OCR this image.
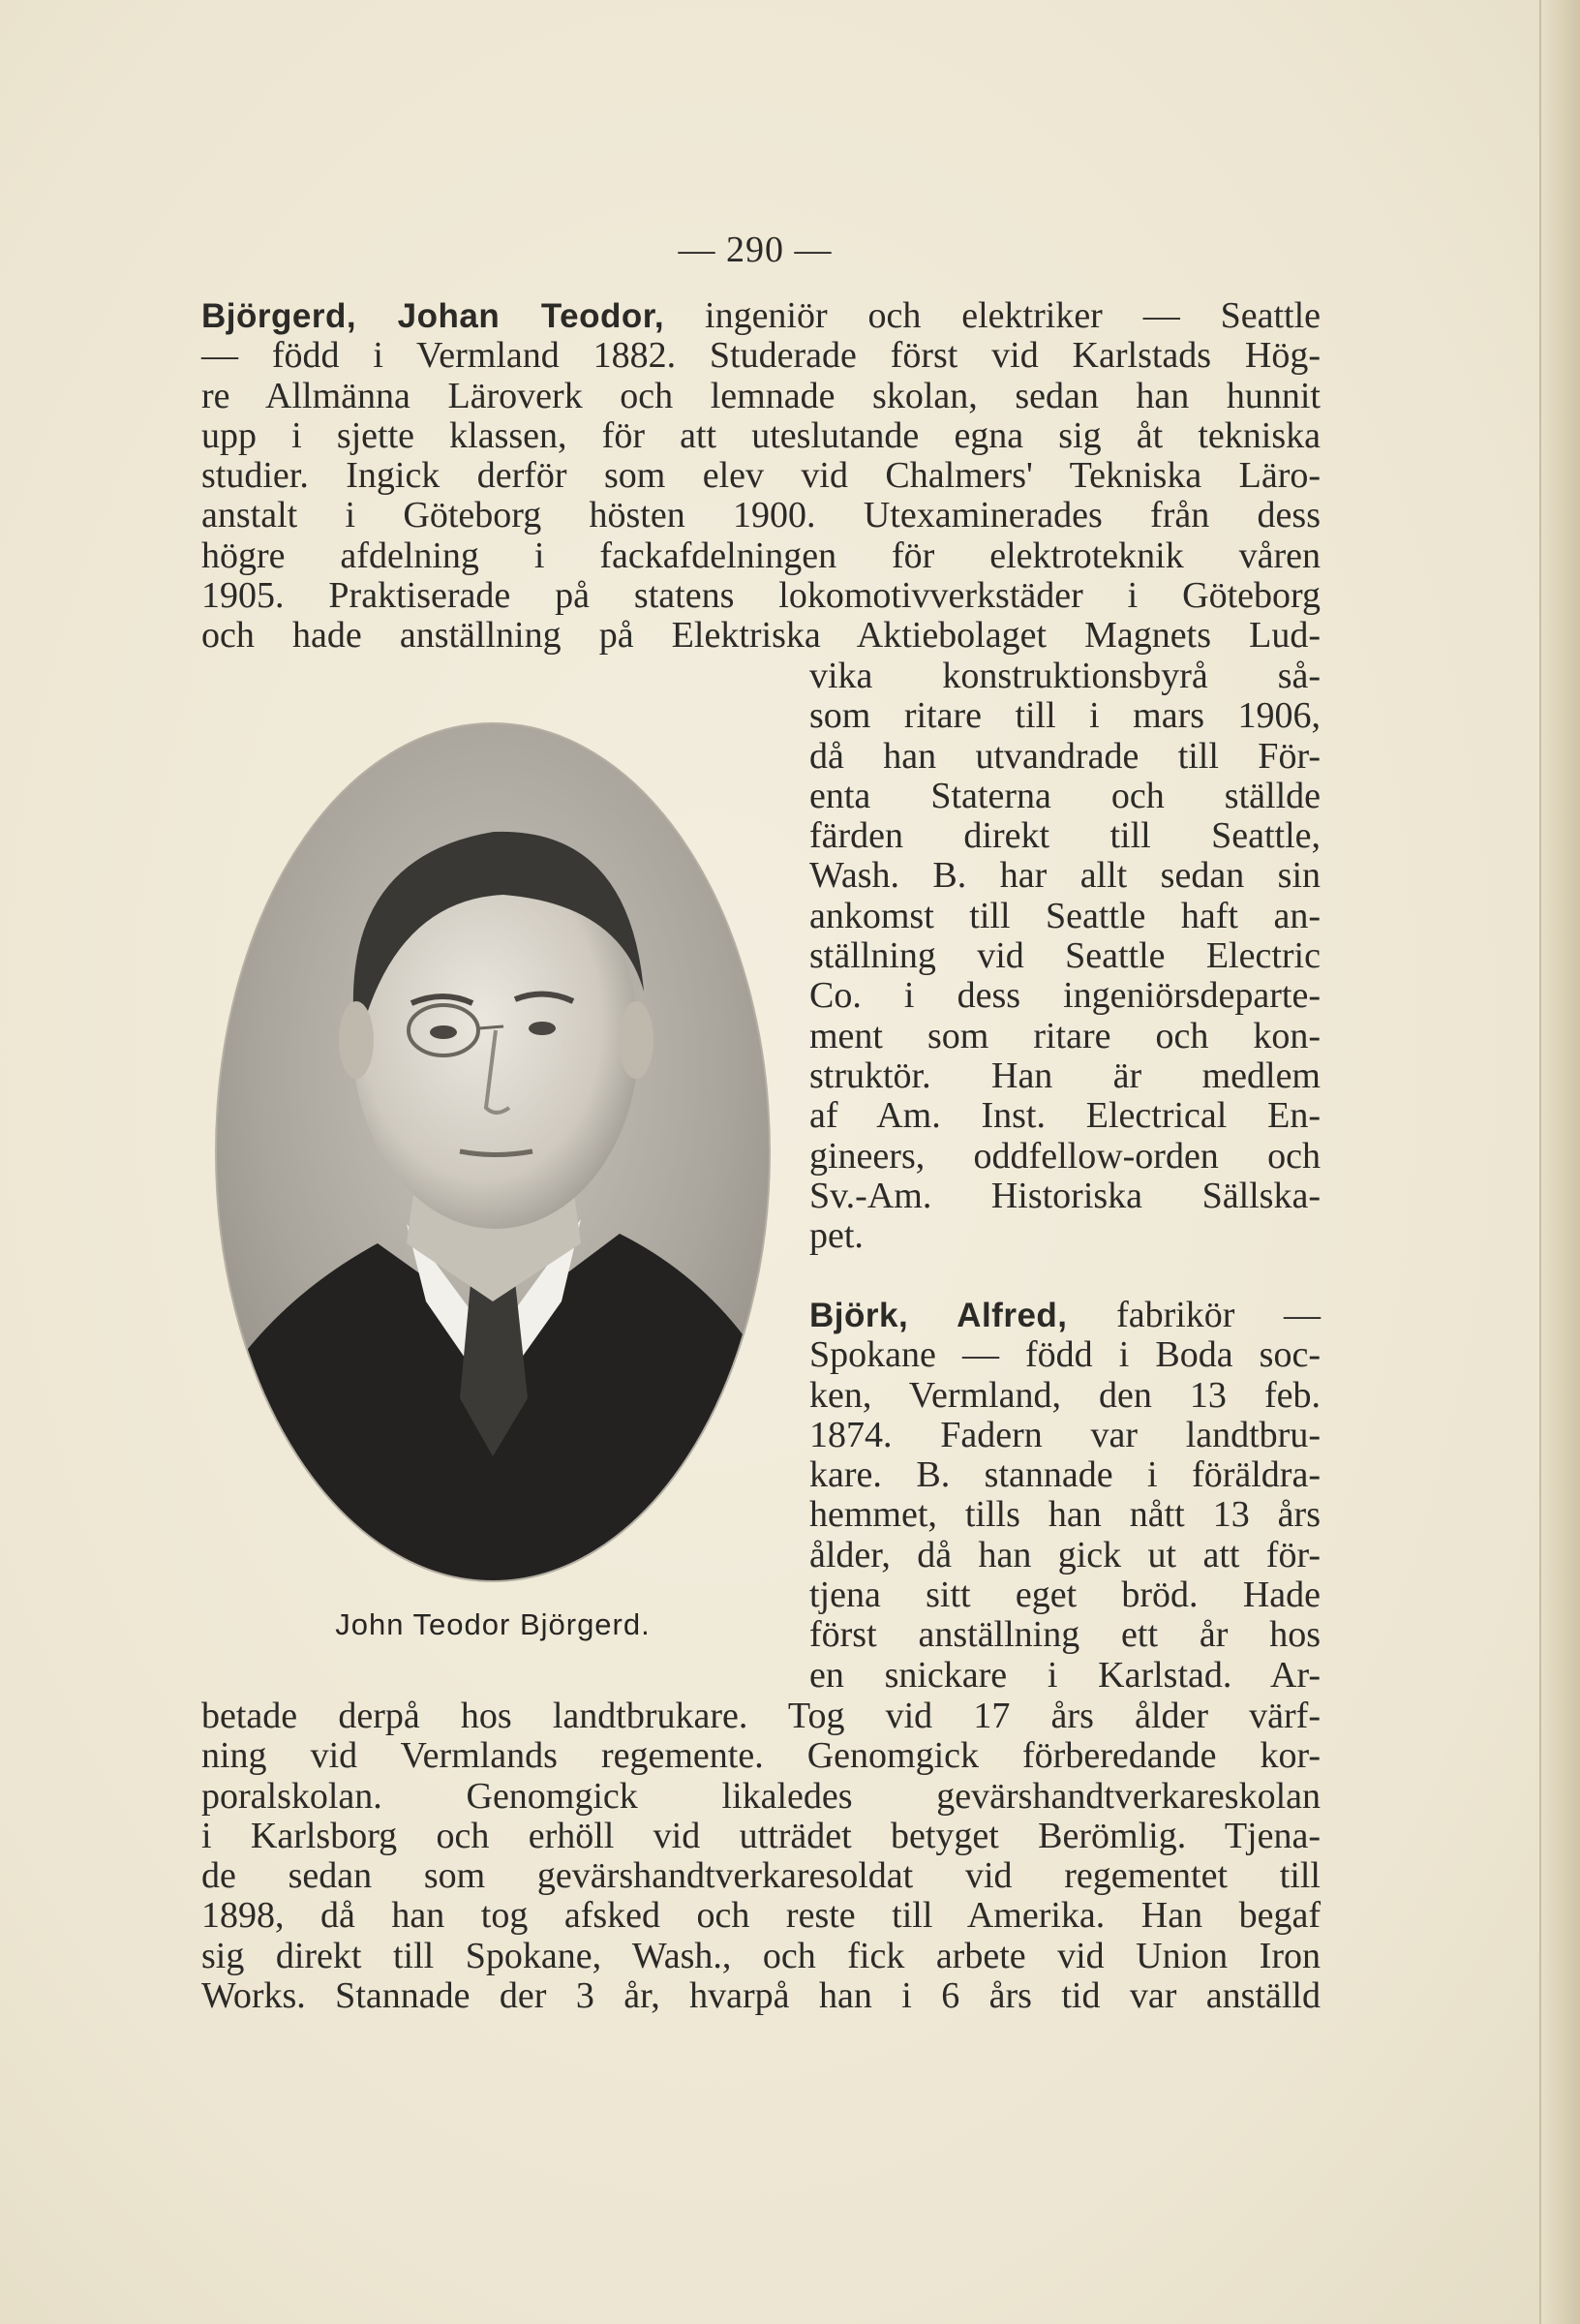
— 290 —
Björgerd, Johan Teodor, ingeniör och elektriker — Seattle
— född i Vermland 1882. Studerade först vid Karlstads Hög-
re Allmänna Läroverk och lemnade skolan, sedan han hunnit
upp i sjette klassen, för att uteslutande egna sig åt tekniska
studier. Ingick derför som elev vid Chalmers' Tekniska Läro-
anstalt i Göteborg hösten 1900. Utexaminerades från dess
högre afdelning i fackafdelningen för elektroteknik våren
1905. Praktiserade på statens lokomotivverkstäder i Göteborg
och hade anställning på Elektriska Aktiebolaget Magnets Lud-
vika konstruktionsbyrå så-
som ritare till i mars 1906,
då han utvandrade till För-
enta Staterna och ställde
färden direkt till Seattle,
Wash. B. har allt sedan sin
ankomst till Seattle haft an-
ställning vid Seattle Electric
Co. i dess ingeniörsdeparte-
ment som ritare och kon-
struktör. Han är medlem
af Am. Inst. Electrical En-
gineers, oddfellow-orden och
Sv.-Am. Historiska Sällska-
pet.
Björk, Alfred, fabrikör —
Spokane — född i Boda soc-
ken, Vermland, den 13 feb.
1874. Fadern var landtbru-
kare. B. stannade i föräldra-
hemmet, tills han nått 13 års
ålder, då han gick ut att för-
tjena sitt eget bröd. Hade
först anställning ett år hos
en snickare i Karlstad. Ar-
betade derpå hos landtbrukare. Tog vid 17 års ålder värf-
ning vid Vermlands regemente. Genomgick förberedande kor-
poralskolan. Genomgick likaledes gevärshandtverkareskolan
i Karlsborg och erhöll vid utträdet betyget Berömlig. Tjena-
de sedan som gevärshandtverkaresoldat vid regementet till
1898, då han tog afsked och reste till Amerika. Han begaf
sig direkt till Spokane, Wash., och fick arbete vid Union Iron
Works. Stannade der 3 år, hvarpå han i 6 års tid var anställd
John Teodor Björgerd.
